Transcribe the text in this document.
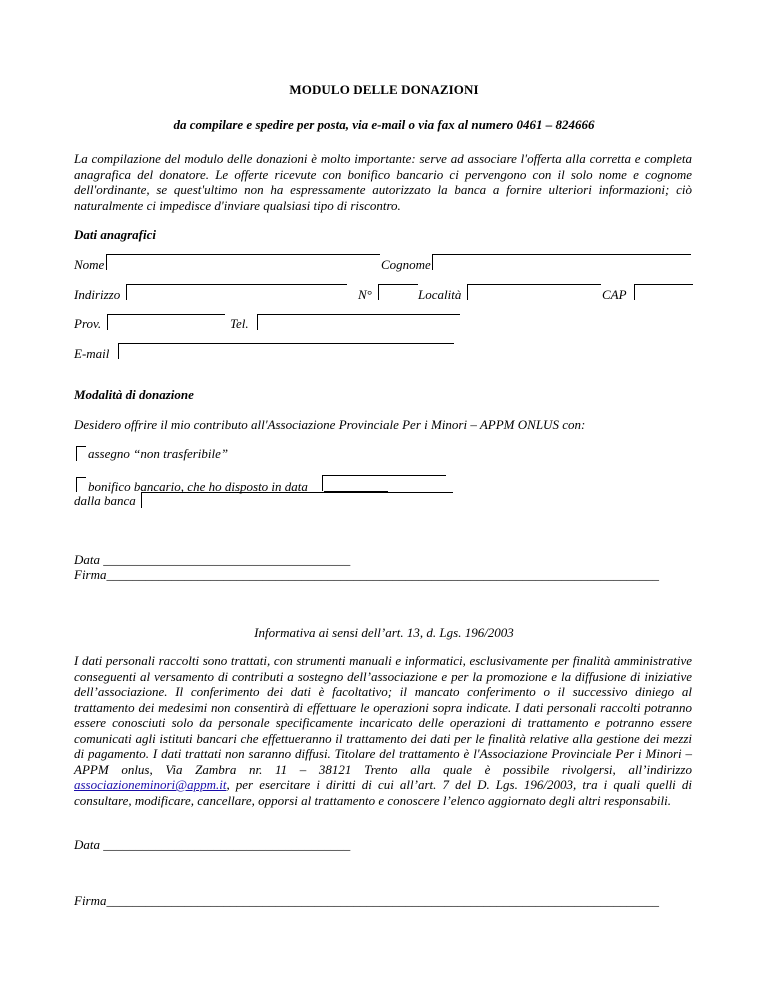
MODULO DELLE DONAZIONI
da compilare e spedire per posta, via e-mail o via fax al numero 0461 – 824666
La compilazione del modulo delle donazioni è molto importante: serve ad associare l'offerta alla corretta e completa anagrafica del donatore. Le offerte ricevute con bonifico bancario ci pervengono con il solo nome e cognome dell'ordinante, se quest'ultimo non ha espressamente autorizzato la banca a fornire ulteriori informazioni; ciò naturalmente ci impedisce d'inviare qualsiasi tipo di riscontro.
Dati anagrafici
Nome	Cognome
Indirizzo	N°	Località	CAP
Prov.	Tel.
E-mail
Modalità di donazione
Desidero offrire il mio contributo all'Associazione Provinciale Per i Minori – APPM ONLUS con:
assegno “non trasferibile”
bonifico bancario, che ho disposto in data
dalla banca
Data ______________________________________
Firma_____________________________________________________________________________________
Informativa ai sensi dell’art. 13, d. Lgs. 196/2003
I dati personali raccolti sono trattati, con strumenti manuali e informatici, esclusivamente per finalità amministrative conseguenti al versamento di contributi a sostegno dell’associazione e per la promozione e la diffusione di iniziative dell’associazione. Il conferimento dei dati è facoltativo; il mancato conferimento o il successivo diniego al trattamento dei medesimi non consentirà di effettuare le operazioni sopra indicate. I dati personali raccolti potranno essere conosciuti solo da personale specificamente incaricato delle operazioni di trattamento e potranno essere comunicati agli istituti bancari che effettueranno il trattamento dei dati per le finalità relative alla gestione dei mezzi di pagamento. I dati trattati non saranno diffusi. Titolare del trattamento è l'Associazione Provinciale Per i Minori – APPM onlus, Via Zambra nr. 11 – 38121 Trento alla quale è possibile rivolgersi, all’indirizzo associazioneminori@appm.it, per esercitare i diritti di cui all’art. 7 del D. Lgs. 196/2003, tra i quali quelli di consultare, modificare, cancellare, opporsi al trattamento e conoscere l’elenco aggiornato degli altri responsabili.
Data ______________________________________
Firma_____________________________________________________________________________________
